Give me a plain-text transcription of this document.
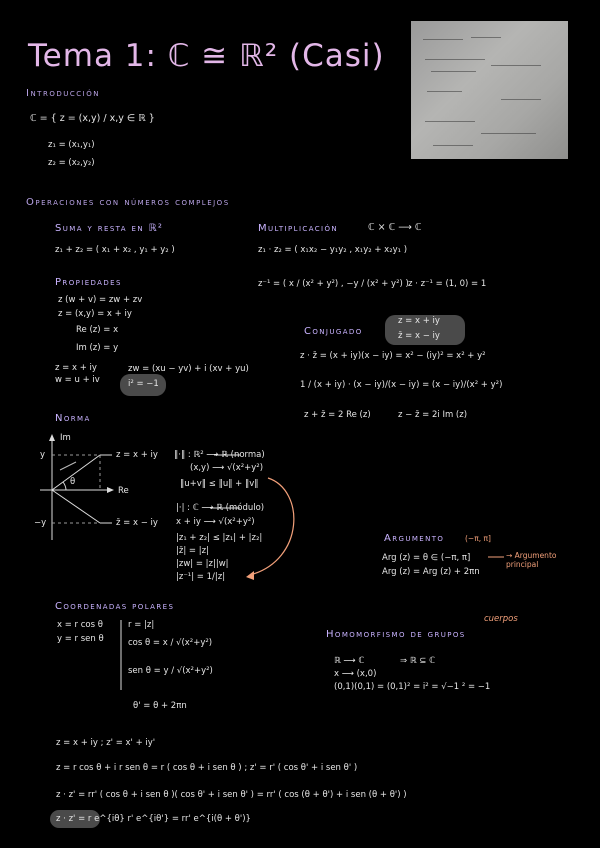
Tema 1: ℂ ≅ ℝ² (Casi)
Introducción
ℂ = { z = (x,y) / x,y ∈ ℝ }
z₁ = (x₁,y₁)
z₂ = (x₂,y₂)
Operaciones con números complejos
Suma y resta en ℝ²
z₁ + z₂ = ( x₁ + x₂ , y₁ + y₂ )
Multiplicación	ℂ × ℂ ⟶ ℂ
z₁ · z₂ = ( x₁x₂ − y₁y₂ , x₁y₂ + x₂y₁ )
z⁻¹ = ( x / (x² + y²) , −y / (x² + y²) ) z · z⁻¹ = (1, 0) = 1
Propiedades
z (w + v) = zw + zv
z = (x,y) = x + iy
Re (z) = x
Im (z) = y
z = x + iy
w = u + iv
zw = (xu − yv) + i (xv + yu)
i² = −1
Conjugado
z = x + iy
z̄ = x − iy
z · z̄ = (x + iy)(x − iy) = x² − (iy)² = x² + y²
1 / (x + iy) · (x − iy)/(x − iy) = (x − iy)/(x² + y²)
z + z̄ = 2 Re (z)	z − z̄ = 2i Im (z)
Norma
Im
Re
y
−y
θ
z = x + iy
z̄ = x − iy
‖·‖ : ℝ² ⟶ ℝ (norma)
(x,y) ⟶ √(x²+y²)
‖u+v‖ ≤ ‖u‖ + ‖v‖
|·| : ℂ ⟶ ℝ (módulo)
x + iy ⟶ √(x²+y²)
|z₁ + z₂| ≤ |z₁| + |z₂|
|z̄| = |z|
|zw| = |z||w|
|z⁻¹| = 1/|z|
Argumento	(−π, π]
Arg (z) = θ ∈ (−π, π]	→ Argumento principal
Arg (z) = Arg (z) + 2πn
Coordenadas polares
x = r cos θ
y = r sen θ
r = |z|
cos θ = x / √(x²+y²)
sen θ = y / √(x²+y²)
θ' = θ + 2πn
Homomorfismo de grupos
cuerpos
ℝ ⟶ ℂ	⇒ ℝ ⊆ ℂ
x ⟶ (x,0)
(0,1)(0,1) = (0,1)² = i² = √−1 ² = −1
z = x + iy ; z' = x' + iy'
z = r cos θ + i r sen θ = r ( cos θ + i sen θ ) ; z' = r' ( cos θ' + i sen θ' )
z · z' = rr' ( cos θ + i sen θ )( cos θ' + i sen θ' ) = rr' ( cos (θ + θ') + i sen (θ + θ') )
z · z' = r e^{iθ} r' e^{iθ'} = rr' e^{i(θ + θ')}
